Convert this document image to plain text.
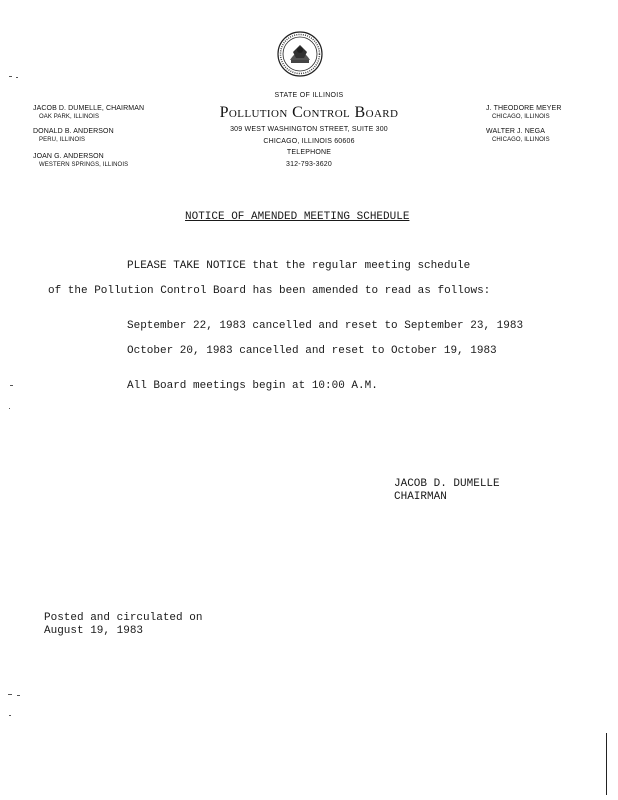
STATE OF ILLINOIS
Pollution Control Board
309 WEST WASHINGTON STREET, SUITE 300
CHICAGO, ILLINOIS 60606
TELEPHONE
312-793-3620
JACOB D. DUMELLE, CHAIRMAN
OAK PARK, ILLINOIS
DONALD B. ANDERSON
PERU, ILLINOIS
JOAN G. ANDERSON
WESTERN SPRINGS, ILLINOIS
J. THEODORE MEYER
CHICAGO, ILLINOIS
WALTER J. NEGA
CHICAGO, ILLINOIS
NOTICE OF AMENDED MEETING SCHEDULE
PLEASE TAKE NOTICE that the regular meeting schedule
of the Pollution Control Board has been amended to read as follows:
September 22, 1983 cancelled and reset to September 23, 1983
October 20, 1983 cancelled and reset to October 19, 1983
All Board meetings begin at 10:00 A.M.
JACOB D. DUMELLE
CHAIRMAN
Posted and circulated on
August 19, 1983
